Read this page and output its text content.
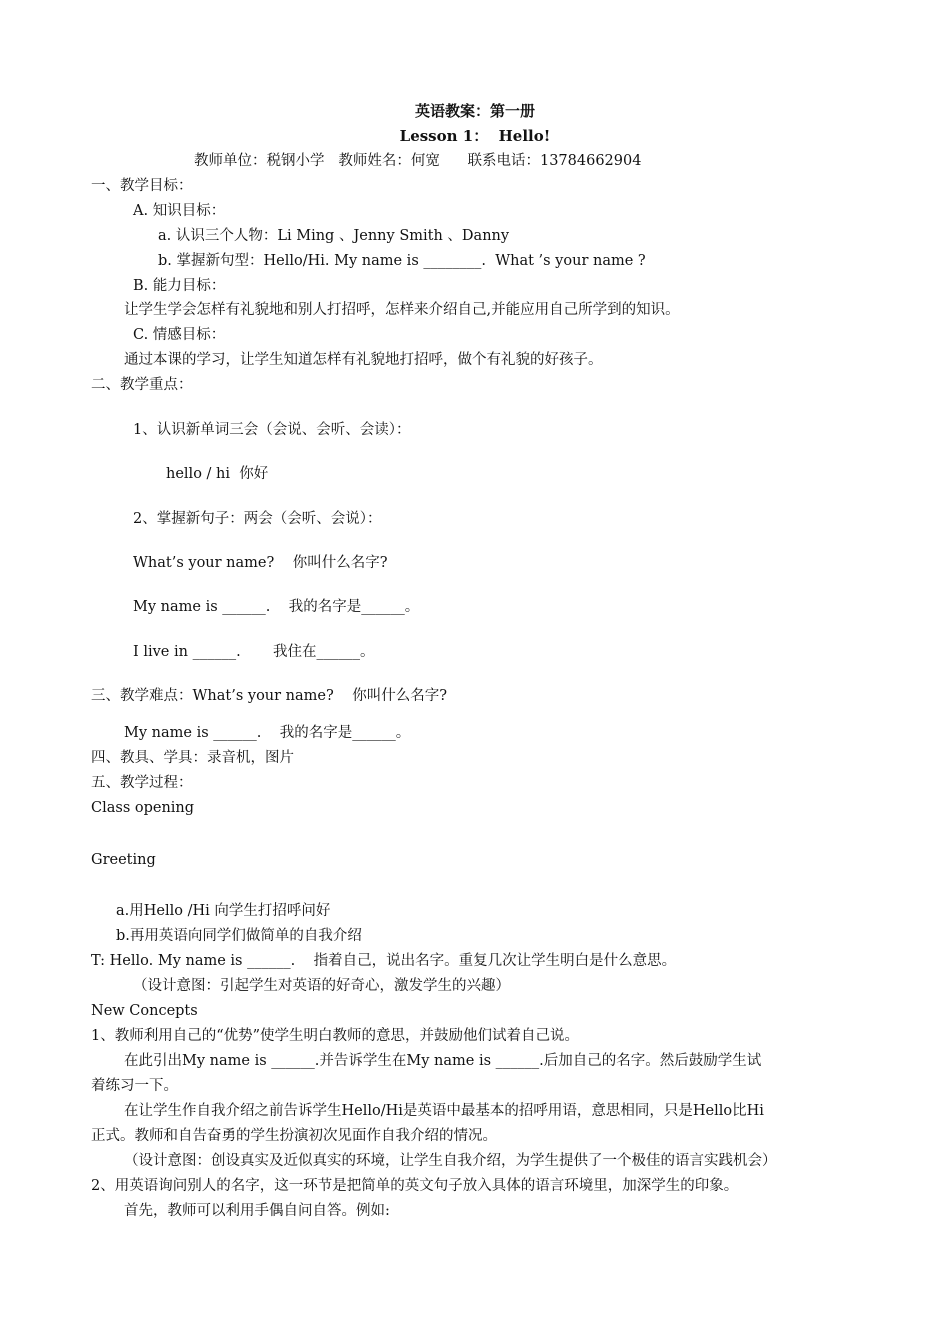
英语教案：第一册

Lesson 1：  Hello!

教师单位：税钢小学   教师姓名：何宽      联系电话：13784662904

一、教学目标：

A. 知识目标：

a. 认识三个人物：Li Ming 、Jenny Smith 、Danny

b. 掌握新句型：Hello/Hi. My name is ________.  What ’s your name ?

B. 能力目标：

让学生学会怎样有礼貌地和别人打招呼，怎样来介绍自己,并能应用自己所学到的知识。

C. 情感目标：

通过本课的学习，让学生知道怎样有礼貌地打招呼，做个有礼貌的好孩子。

二、教学重点：

1、认识新单词三会（会说、会听、会读）：

hello / hi  你好

2、掌握新句子：两会（会听、会说）：

What’s your name?    你叫什么名字?

My name is ______.    我的名字是______。

I live in ______.       我住在______。

三、教学难点：What’s your name?    你叫什么名字?

My name is ______.    我的名字是______。

四、教具、学具：录音机，图片

五、教学过程：

Class opening

Greeting

a.用Hello /Hi 向学生打招呼问好

b.再用英语向同学们做简单的自我介绍

T: Hello. My name is ______.    指着自己，说出名字。重复几次让学生明白是什么意思。

（设计意图：引起学生对英语的好奇心，激发学生的兴趣）

New Concepts

1、教师利用自己的“优势”使学生明白教师的意思，并鼓励他们试着自己说。

在此引出My name is ______.并告诉学生在My name is ______.后加自己的名字。然后鼓励学生试

着练习一下。

在让学生作自我介绍之前告诉学生Hello/Hi是英语中最基本的招呼用语，意思相同，只是Hello比Hi

正式。教师和自告奋勇的学生扮演初次见面作自我介绍的情况。

（设计意图：创设真实及近似真实的环境，让学生自我介绍，为学生提供了一个极佳的语言实践机会）

2、用英语询问别人的名字，这一环节是把简单的英文句子放入具体的语言环境里，加深学生的印象。

首先，教师可以利用手偶自问自答。例如:
